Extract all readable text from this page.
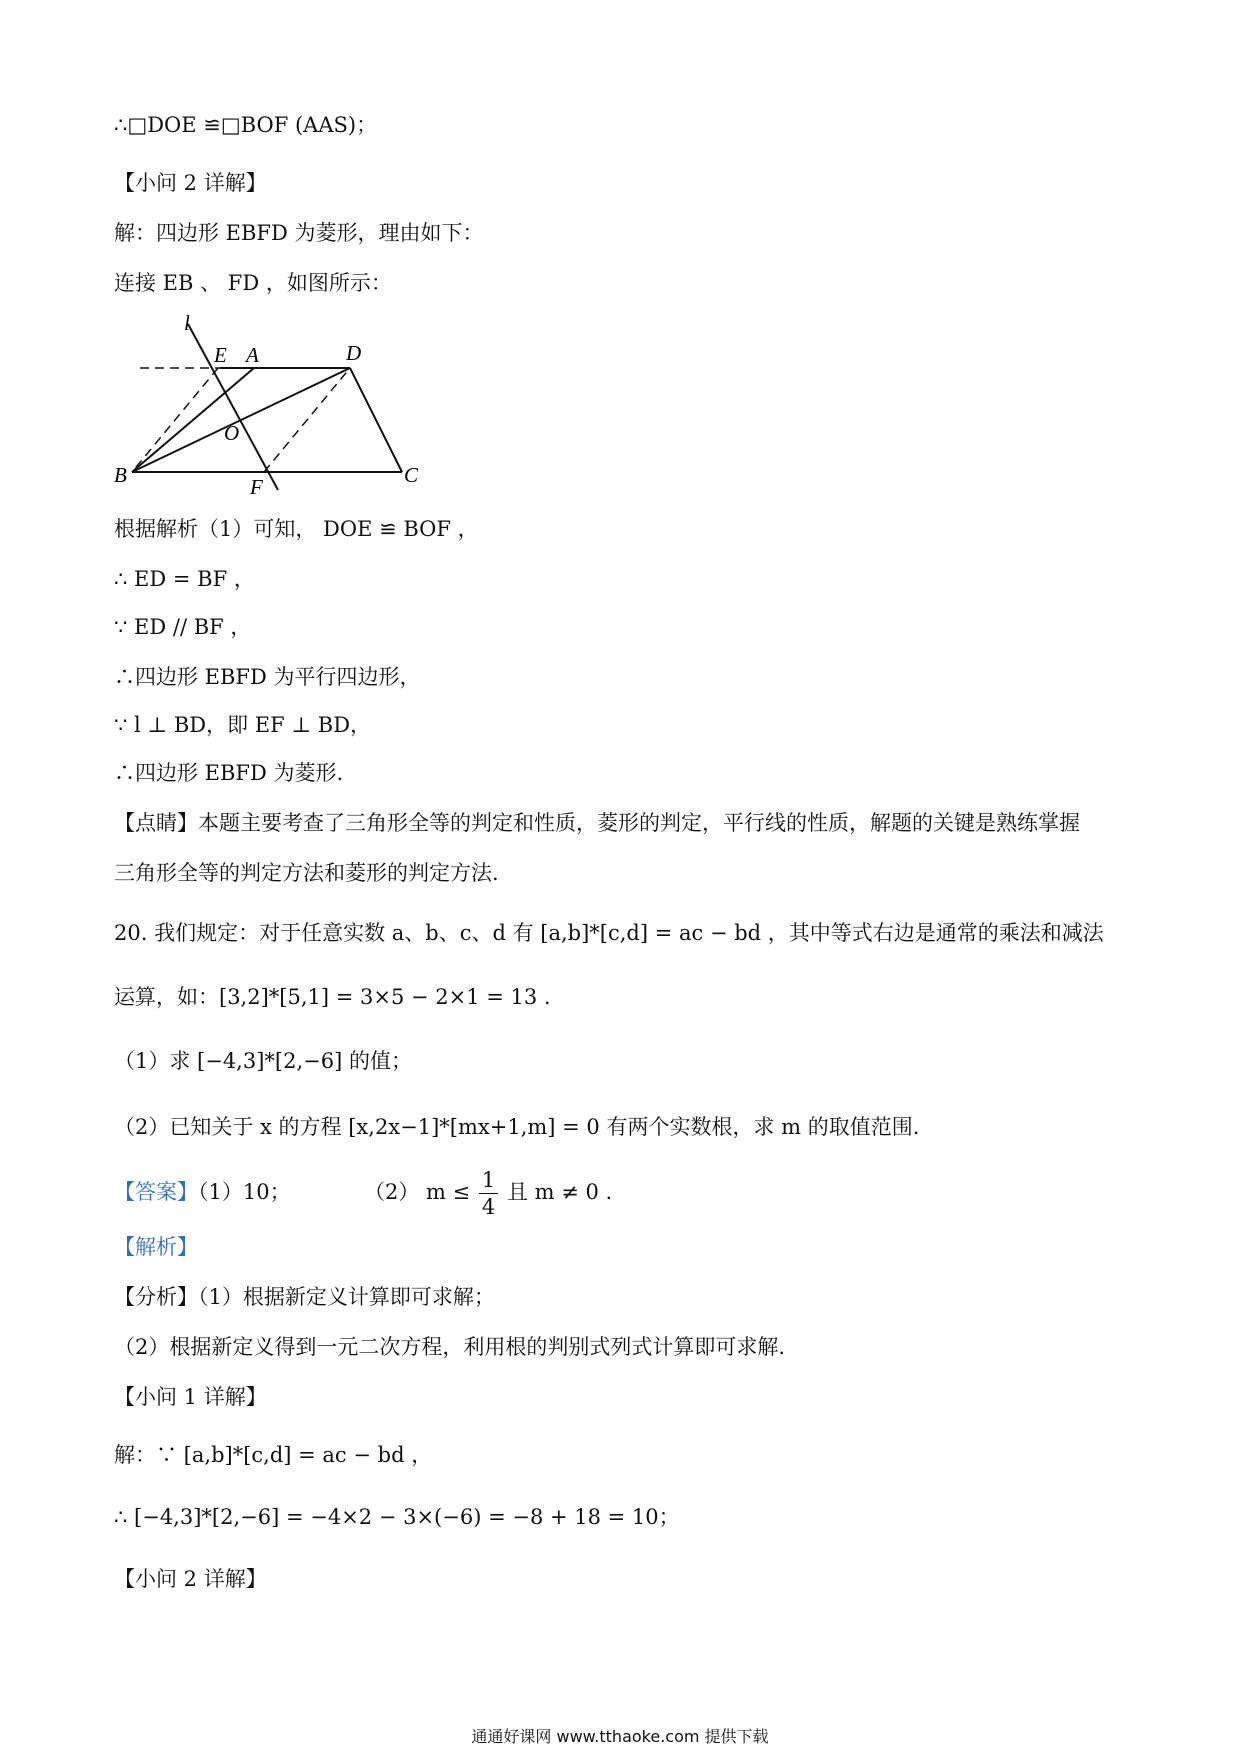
∴□DOE ≌□BOF (AAS)；
【小问 2 详解】
解：四边形 EBFD 为菱形，理由如下：
连接 EB 、 FD ，如图所示：
l
E A	D
O
B	F	C
根据解析（1）可知， DOE ≌ BOF ，
∴ ED = BF ，
∵ ED // BF ，
∴四边形 EBFD 为平行四边形，
∵ l ⊥ BD，即 EF ⊥ BD，
∴四边形 EBFD 为菱形.
【点睛】本题主要考查了三角形全等的判定和性质，菱形的判定，平行线的性质，解题的关键是熟练掌握
三角形全等的判定方法和菱形的判定方法.
20. 我们规定：对于任意实数 a、b、c、d 有 [a,b]*[c,d] = ac − bd ，其中等式右边是通常的乘法和减法
运算，如：[3,2]*[5,1] = 3×5 − 2×1 = 13 .
（1）求 [−4,3]*[2,−6] 的值；
（2）已知关于 x 的方程 [x,2x−1]*[mx+1,m] = 0 有两个实数根，求 m 的取值范围.
【答案】（1）10；	（2） $m \le \frac{1}{4}$ 且 m ≠ 0 .
【解析】
【分析】（1）根据新定义计算即可求解；
（2）根据新定义得到一元二次方程，利用根的判别式列式计算即可求解.
【小问 1 详解】
解：∵ [a,b]*[c,d] = ac − bd ，
∴ [−4,3]*[2,−6] = −4×2 − 3×(−6) = −8 + 18 = 10；
【小问 2 详解】
通通好课网 www.tthaoke.com 提供下载
